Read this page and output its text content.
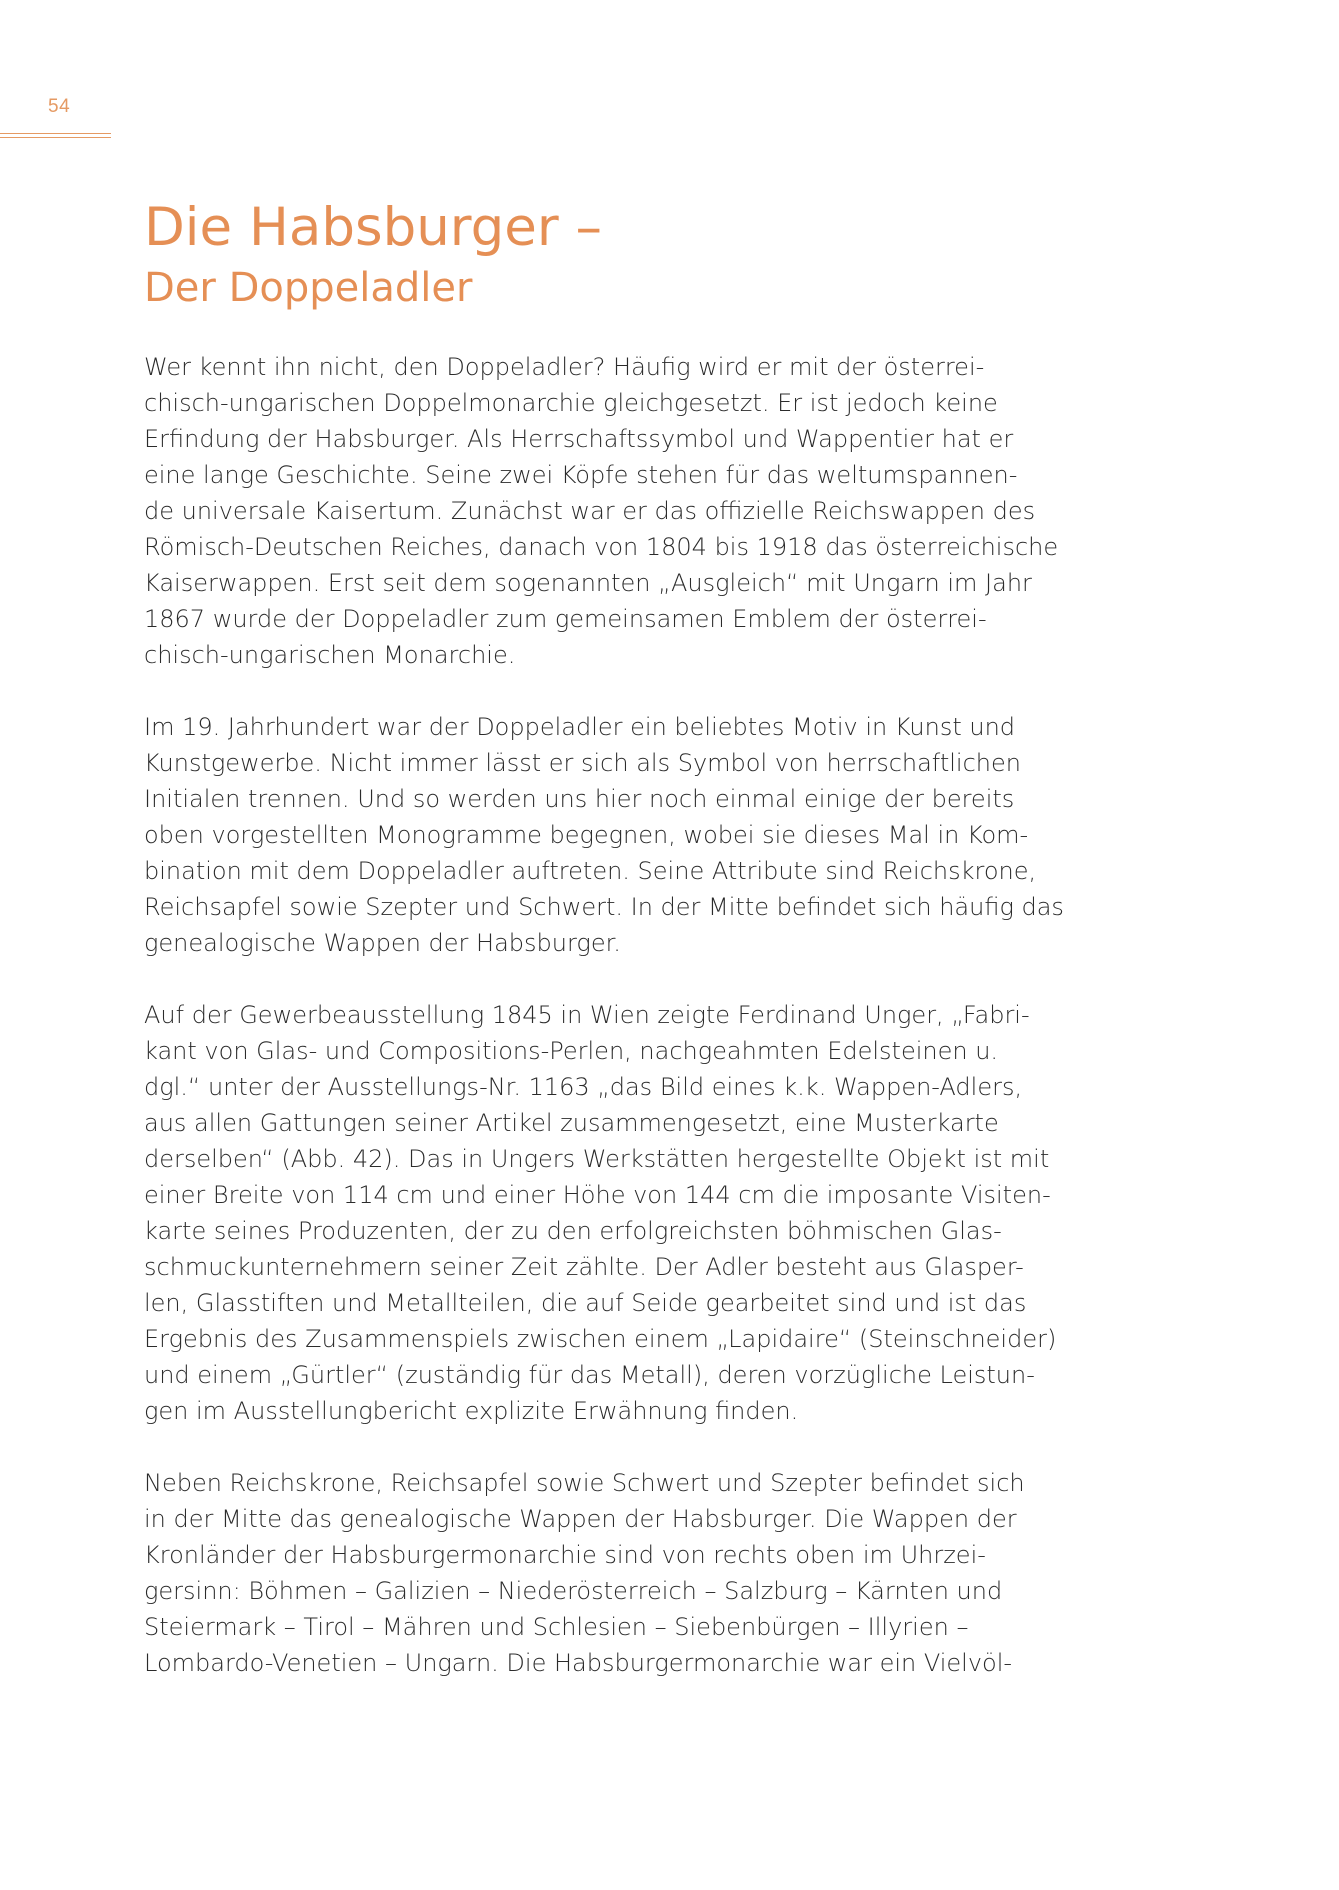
54
Die Habsburger –
Der Doppeladler

Wer kennt ihn nicht, den Doppeladler? Häufig wird er mit der österrei-
chisch-ungarischen Doppelmonarchie gleichgesetzt. Er ist jedoch keine
Erfindung der Habsburger. Als Herrschaftssymbol und Wappentier hat er
eine lange Geschichte. Seine zwei Köpfe stehen für das weltumspannen-
de universale Kaisertum. Zunächst war er das offizielle Reichswappen des
Römisch-Deutschen Reiches, danach von 1804 bis 1918 das österreichische
Kaiserwappen. Erst seit dem sogenannten „Ausgleich“ mit Ungarn im Jahr
1867 wurde der Doppeladler zum gemeinsamen Emblem der österrei-
chisch-ungarischen Monarchie.

Im 19. Jahrhundert war der Doppeladler ein beliebtes Motiv in Kunst und
Kunstgewerbe. Nicht immer lässt er sich als Symbol von herrschaftlichen
Initialen trennen. Und so werden uns hier noch einmal einige der bereits
oben vorgestellten Monogramme begegnen, wobei sie dieses Mal in Kom-
bination mit dem Doppeladler auftreten. Seine Attribute sind Reichskrone,
Reichsapfel sowie Szepter und Schwert. In der Mitte befindet sich häufig das
genealogische Wappen der Habsburger.

Auf der Gewerbeausstellung 1845 in Wien zeigte Ferdinand Unger, „Fabri-
kant von Glas- und Compositions-Perlen, nachgeahmten Edelsteinen u.
dgl.“ unter der Ausstellungs-Nr. 1163 „das Bild eines k.k. Wappen-Adlers,
aus allen Gattungen seiner Artikel zusammengesetzt, eine Musterkarte
derselben“ (Abb. 42). Das in Ungers Werkstätten hergestellte Objekt ist mit
einer Breite von 114 cm und einer Höhe von 144 cm die imposante Visiten-
karte seines Produzenten, der zu den erfolgreichsten böhmischen Glas-
schmuckunternehmern seiner Zeit zählte. Der Adler besteht aus Glasper-
len, Glasstiften und Metallteilen, die auf Seide gearbeitet sind und ist das
Ergebnis des Zusammenspiels zwischen einem „Lapidaire“ (Steinschneider)
und einem „Gürtler“ (zuständig für das Metall), deren vorzügliche Leistun-
gen im Ausstellungbericht explizite Erwähnung finden.

Neben Reichskrone, Reichsapfel sowie Schwert und Szepter befindet sich
in der Mitte das genealogische Wappen der Habsburger. Die Wappen der
Kronländer der Habsburgermonarchie sind von rechts oben im Uhrzei-
gersinn: Böhmen – Galizien – Niederösterreich – Salzburg – Kärnten und
Steiermark – Tirol – Mähren und Schlesien – Siebenbürgen – Illyrien –
Lombardo-Venetien – Ungarn. Die Habsburgermonarchie war ein Vielvöl-
